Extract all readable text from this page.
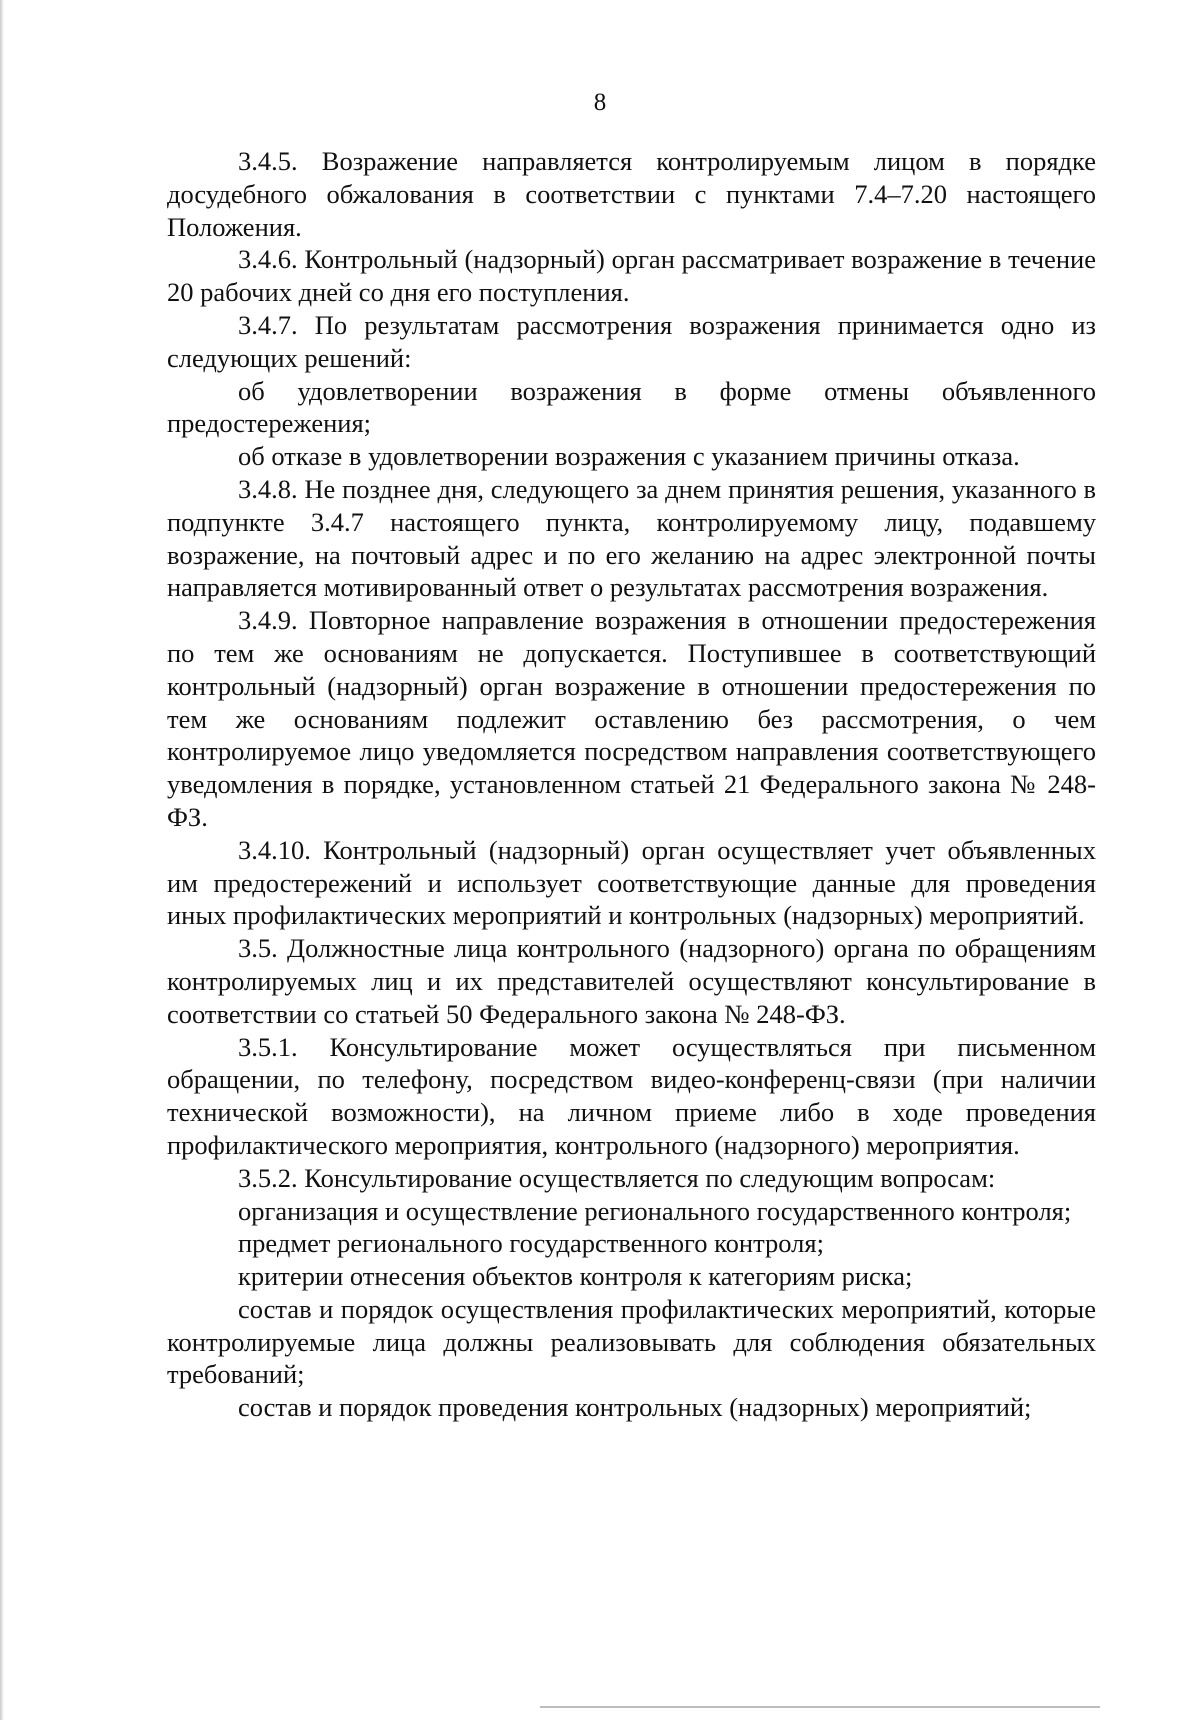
8

3.4.5. Возражение направляется контролируемым лицом в порядке досудебного обжалования в соответствии с пунктами 7.4–7.20 настоящего Положения.

3.4.6. Контрольный (надзорный) орган рассматривает возражение в течение 20 рабочих дней со дня его поступления.

3.4.7. По результатам рассмотрения возражения принимается одно из следующих решений:

об удовлетворении возражения в форме отмены объявленного предостережения;

об отказе в удовлетворении возражения с указанием причины отказа.

3.4.8. Не позднее дня, следующего за днем принятия решения, указанного в подпункте 3.4.7 настоящего пункта, контролируемому лицу, подавшему возражение, на почтовый адрес и по его желанию на адрес электронной почты направляется мотивированный ответ о результатах рассмотрения возражения.

3.4.9. Повторное направление возражения в отношении предостережения по тем же основаниям не допускается. Поступившее в соответствующий контрольный (надзорный) орган возражение в отношении предостережения по тем же основаниям подлежит оставлению без рассмотрения, о чем контролируемое лицо уведомляется посредством направления соответствующего уведомления в порядке, установленном статьей 21 Федерального закона № 248-ФЗ.

3.4.10. Контрольный (надзорный) орган осуществляет учет объявленных им предостережений и использует соответствующие данные для проведения иных профилактических мероприятий и контрольных (надзорных) мероприятий.

3.5. Должностные лица контрольного (надзорного) органа по обращениям контролируемых лиц и их представителей осуществляют консультирование в соответствии со статьей 50 Федерального закона № 248-ФЗ.

3.5.1. Консультирование может осуществляться при письменном обращении, по телефону, посредством видео-конференц-связи (при наличии технической возможности), на личном приеме либо в ходе проведения профилактического мероприятия, контрольного (надзорного) мероприятия.

3.5.2. Консультирование осуществляется по следующим вопросам:

организация и осуществление регионального государственного контроля;

предмет регионального государственного контроля;

критерии отнесения объектов контроля к категориям риска;

состав и порядок осуществления профилактических мероприятий, которые контролируемые лица должны реализовывать для соблюдения обязательных требований;

состав и порядок проведения контрольных (надзорных) мероприятий;
